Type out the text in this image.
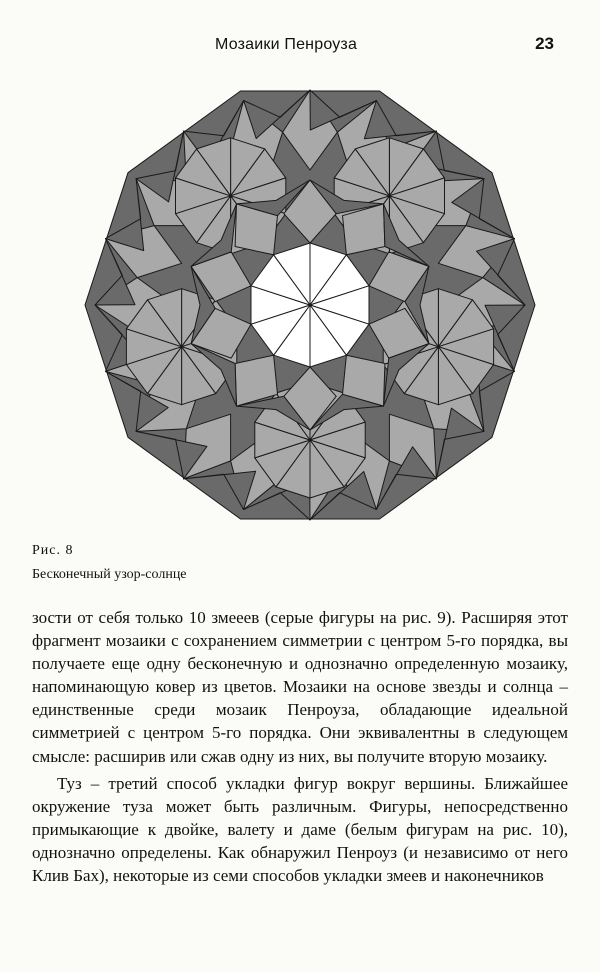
Мозаики Пенроуза	23
Рис. 8
Бесконечный узор-солнце

зости от себя только 10 змееев (серые фигуры на рис. 9). Расширяя этот фрагмент мозаики с сохранением симметрии с центром 5-го порядка, вы получаете еще одну бесконечную и однозначно определенную мозаику, напоминающую ковер из цветов. Мозаики на основе звезды и солнца – единственные среди мозаик Пенроуза, обладающие идеальной симметрией с центром 5-го порядка. Они эквивалентны в следующем смысле: расширив или сжав одну из них, вы получите вторую мозаику.

Туз – третий способ укладки фигур вокруг вершины. Ближайшее окружение туза может быть различным. Фигуры, непосредственно примыкающие к двойке, валету и даме (белым фигурам на рис. 10), однозначно определены. Как обнаружил Пенроуз (и независимо от него Клив Бах), некоторые из семи способов укладки змеев и наконечников
